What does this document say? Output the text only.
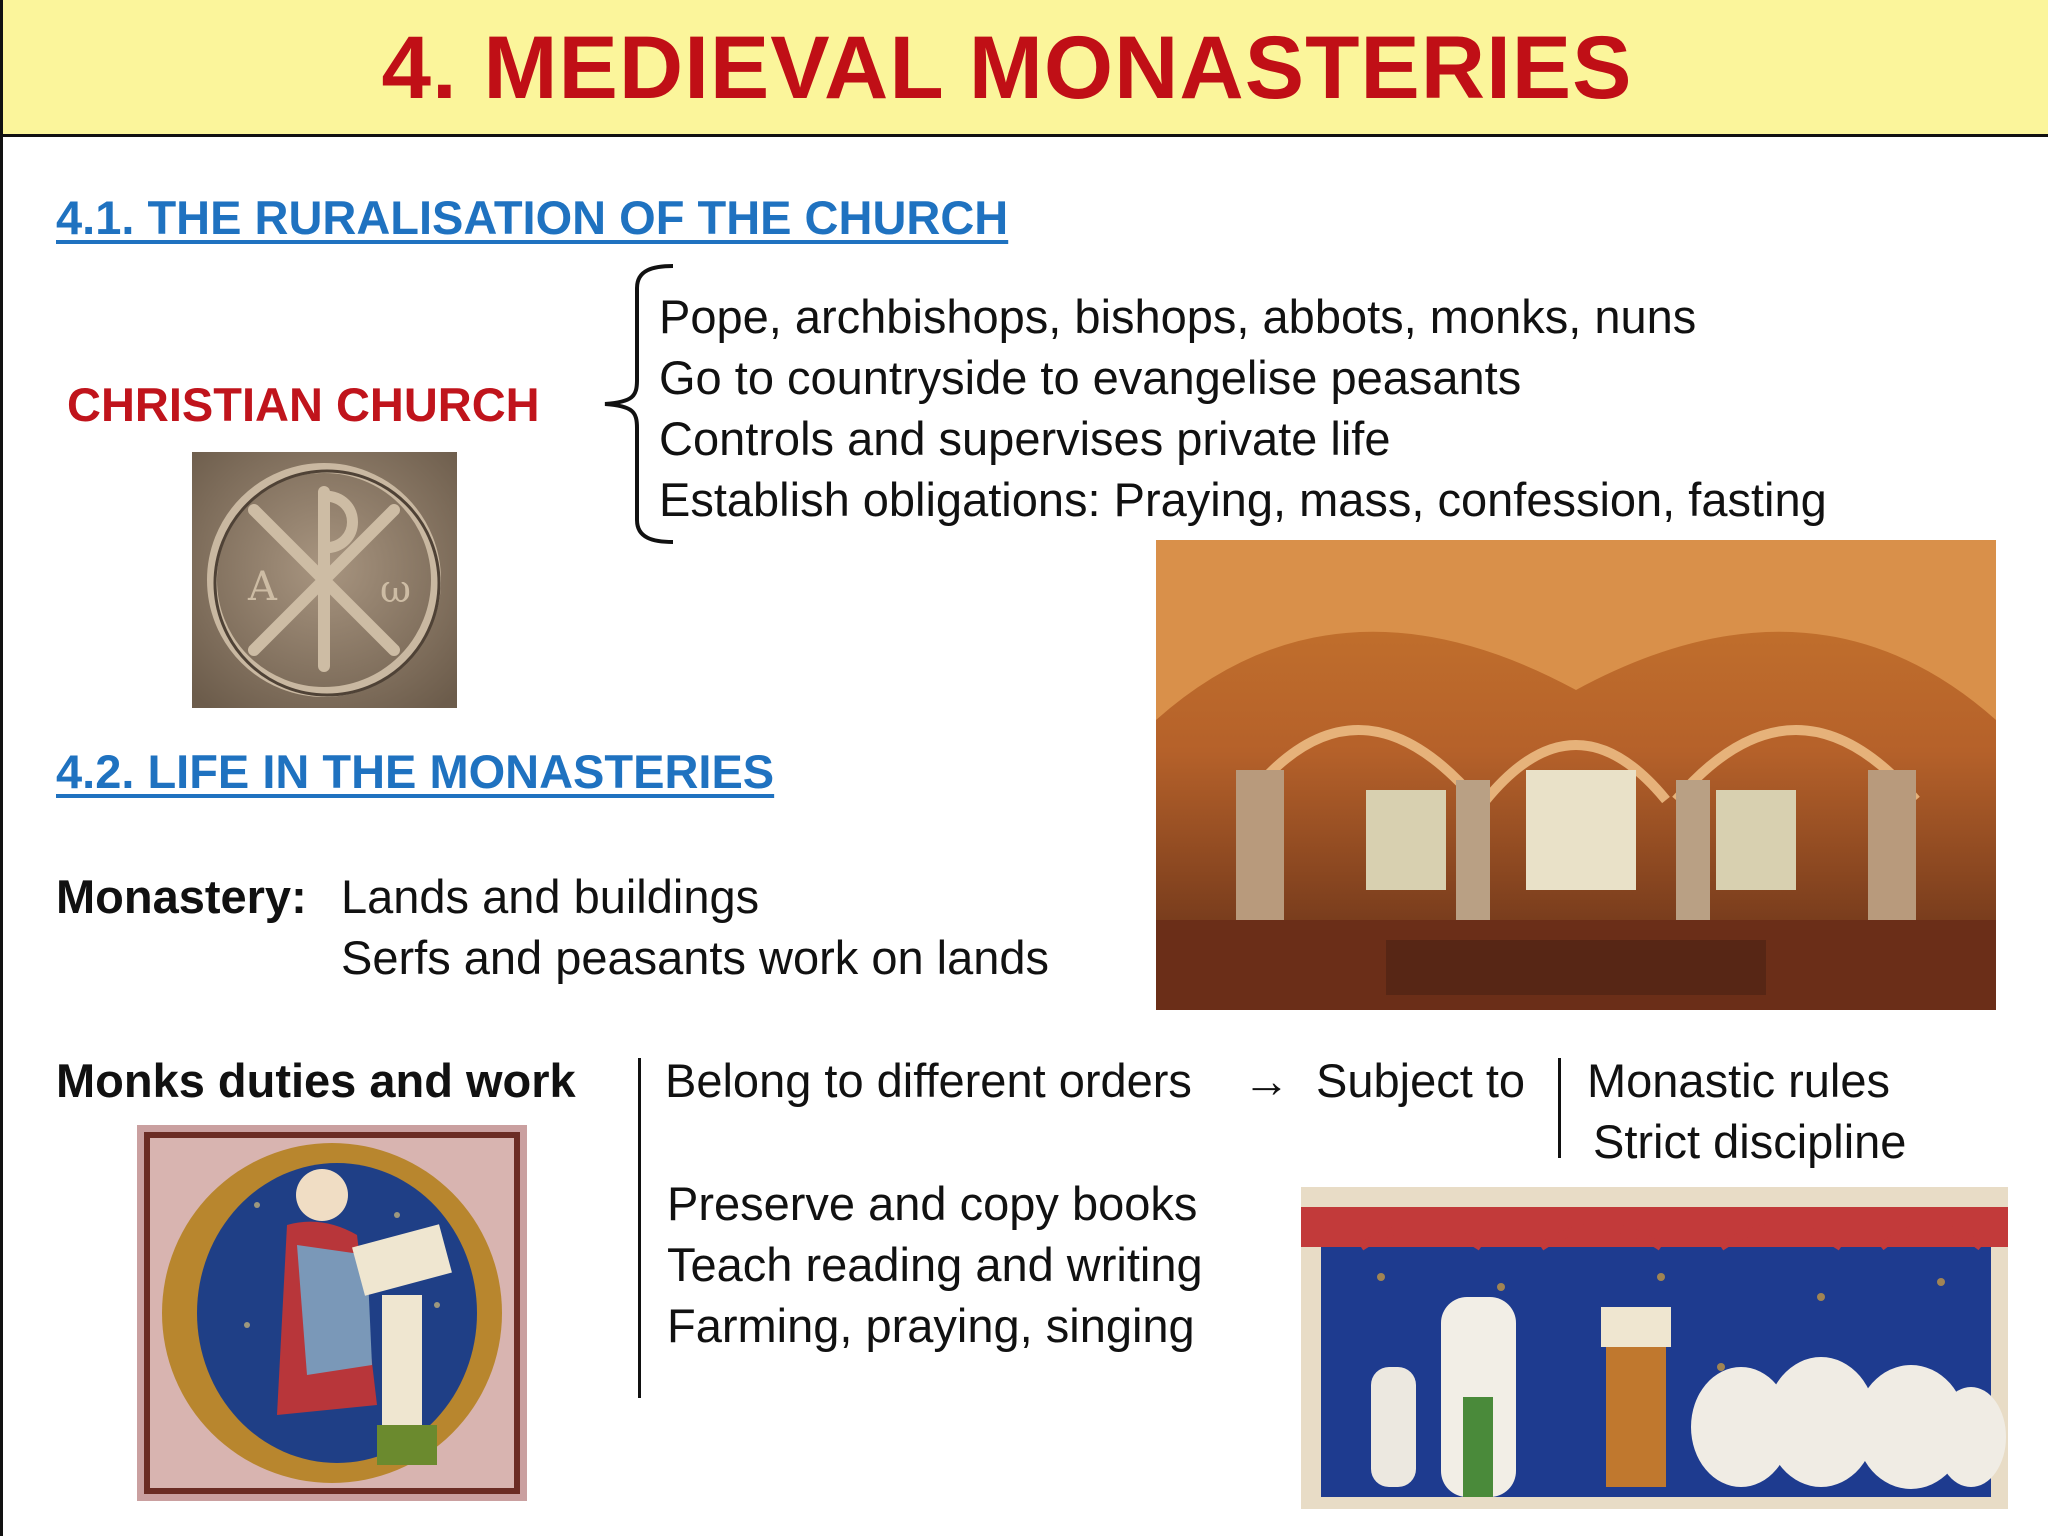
4. MEDIEVAL MONASTERIES
4.1. THE RURALISATION OF THE CHURCH
CHRISTIAN CHURCH
Pope, archbishops, bishops, abbots, monks, nuns
Go to countryside to evangelise peasants
Controls and supervises private life
Establish obligations: Praying, mass, confession, fasting
A	ω
4.2. LIFE IN THE MONASTERIES
Monastery: Lands and buildings
Serfs and peasants work on lands
Monks duties and work Belong to different orders → Subject to Monastic rules
Strict discipline
Preserve and copy books
Teach reading and writing
Farming, praying, singing
